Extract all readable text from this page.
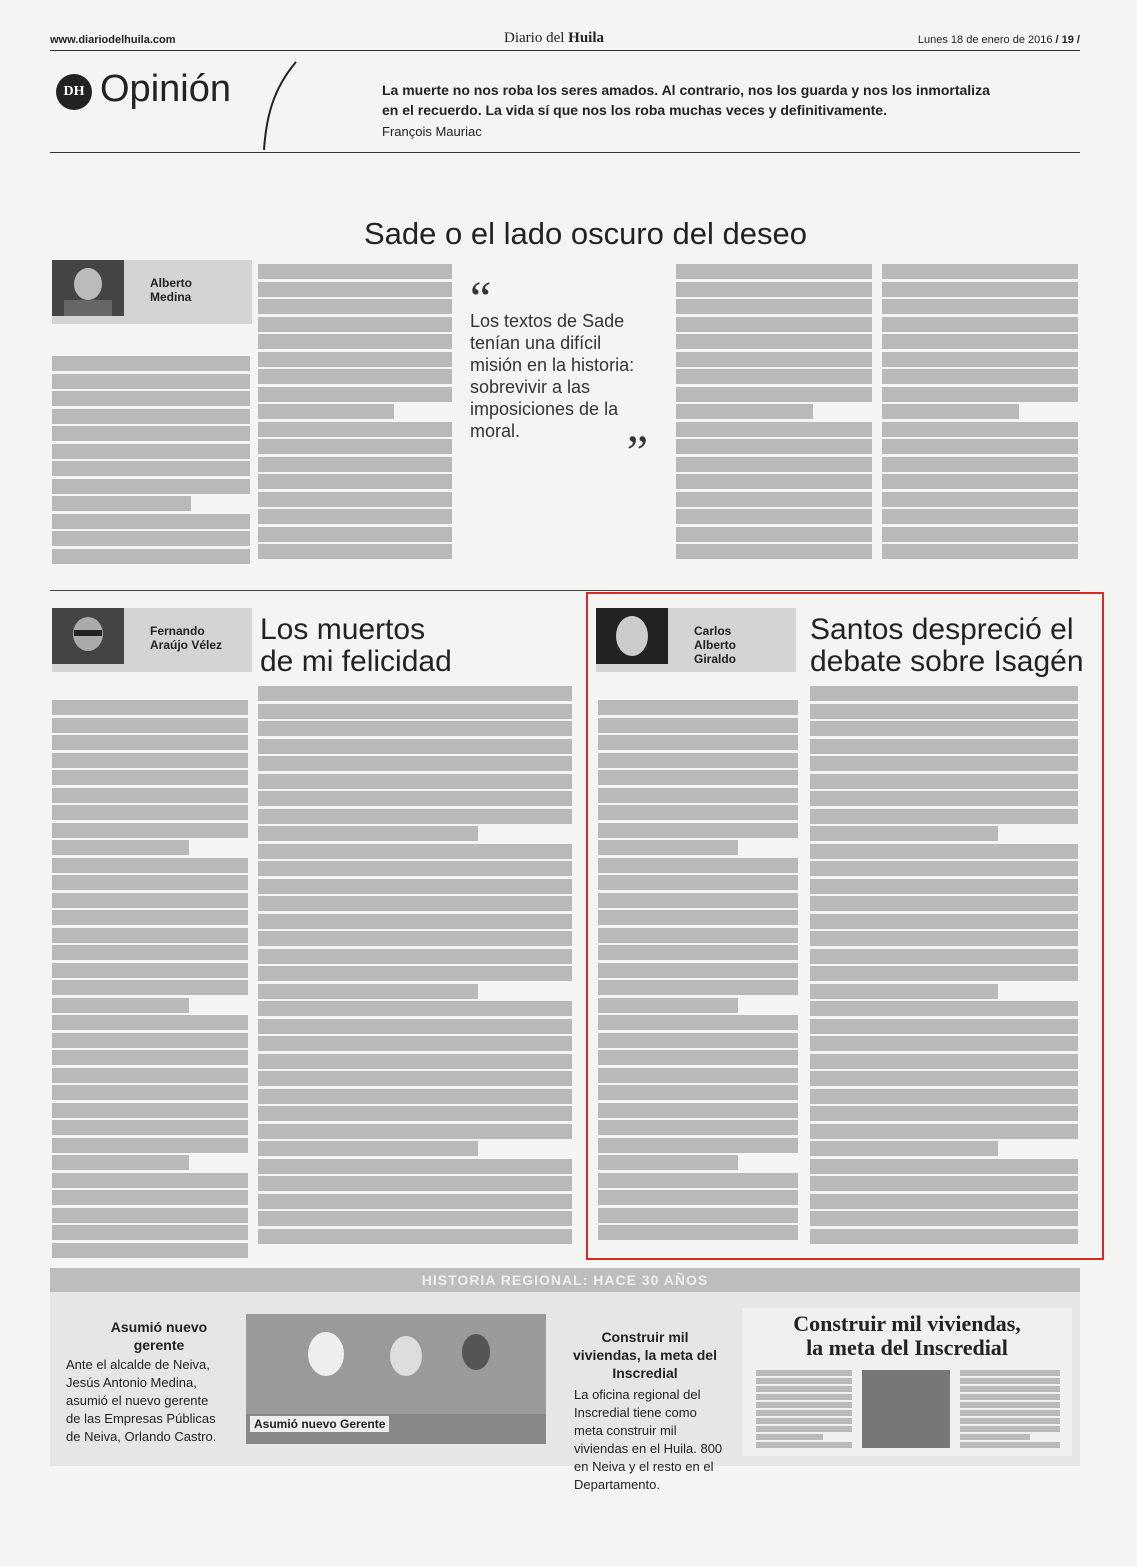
www.diariodelhuila.com	Diario del Huila	Lunes 18 de enero de 2016 / 19 /
DH Opinión	La muerte no nos roba los seres amados. Al contrario, nos los guarda y nos los inmortaliza en el recuerdo. La vida sí que nos los roba muchas veces y definitivamente.
François Mauriac
Sade o el lado oscuro del deseo
Alberto Medina	“
Los textos de Sade tenían una difícil misión en la historia: sobrevivir a las imposiciones de la moral.	”
Fernando Araújo Vélez Los muertos
de mi felicidad
Carlos Alberto Giraldo
Santos despreció el
debate sobre Isagén
HISTORIA REGIONAL: HACE 30 AÑOS
Asumió nuevo gerente
Ante el alcalde de Neiva, Jesús Antonio Medina, asumió el nuevo gerente de las Empresas Públicas de Neiva, Orlando Castro.
Asumió nuevo Gerente
Construir mil viviendas, la meta del Inscredial
La oficina regional del Inscredial tiene como meta construir mil viviendas en el Huila. 800 en Neiva y el resto en el Departamento.
Construir mil viviendas,
la meta del Inscredial
